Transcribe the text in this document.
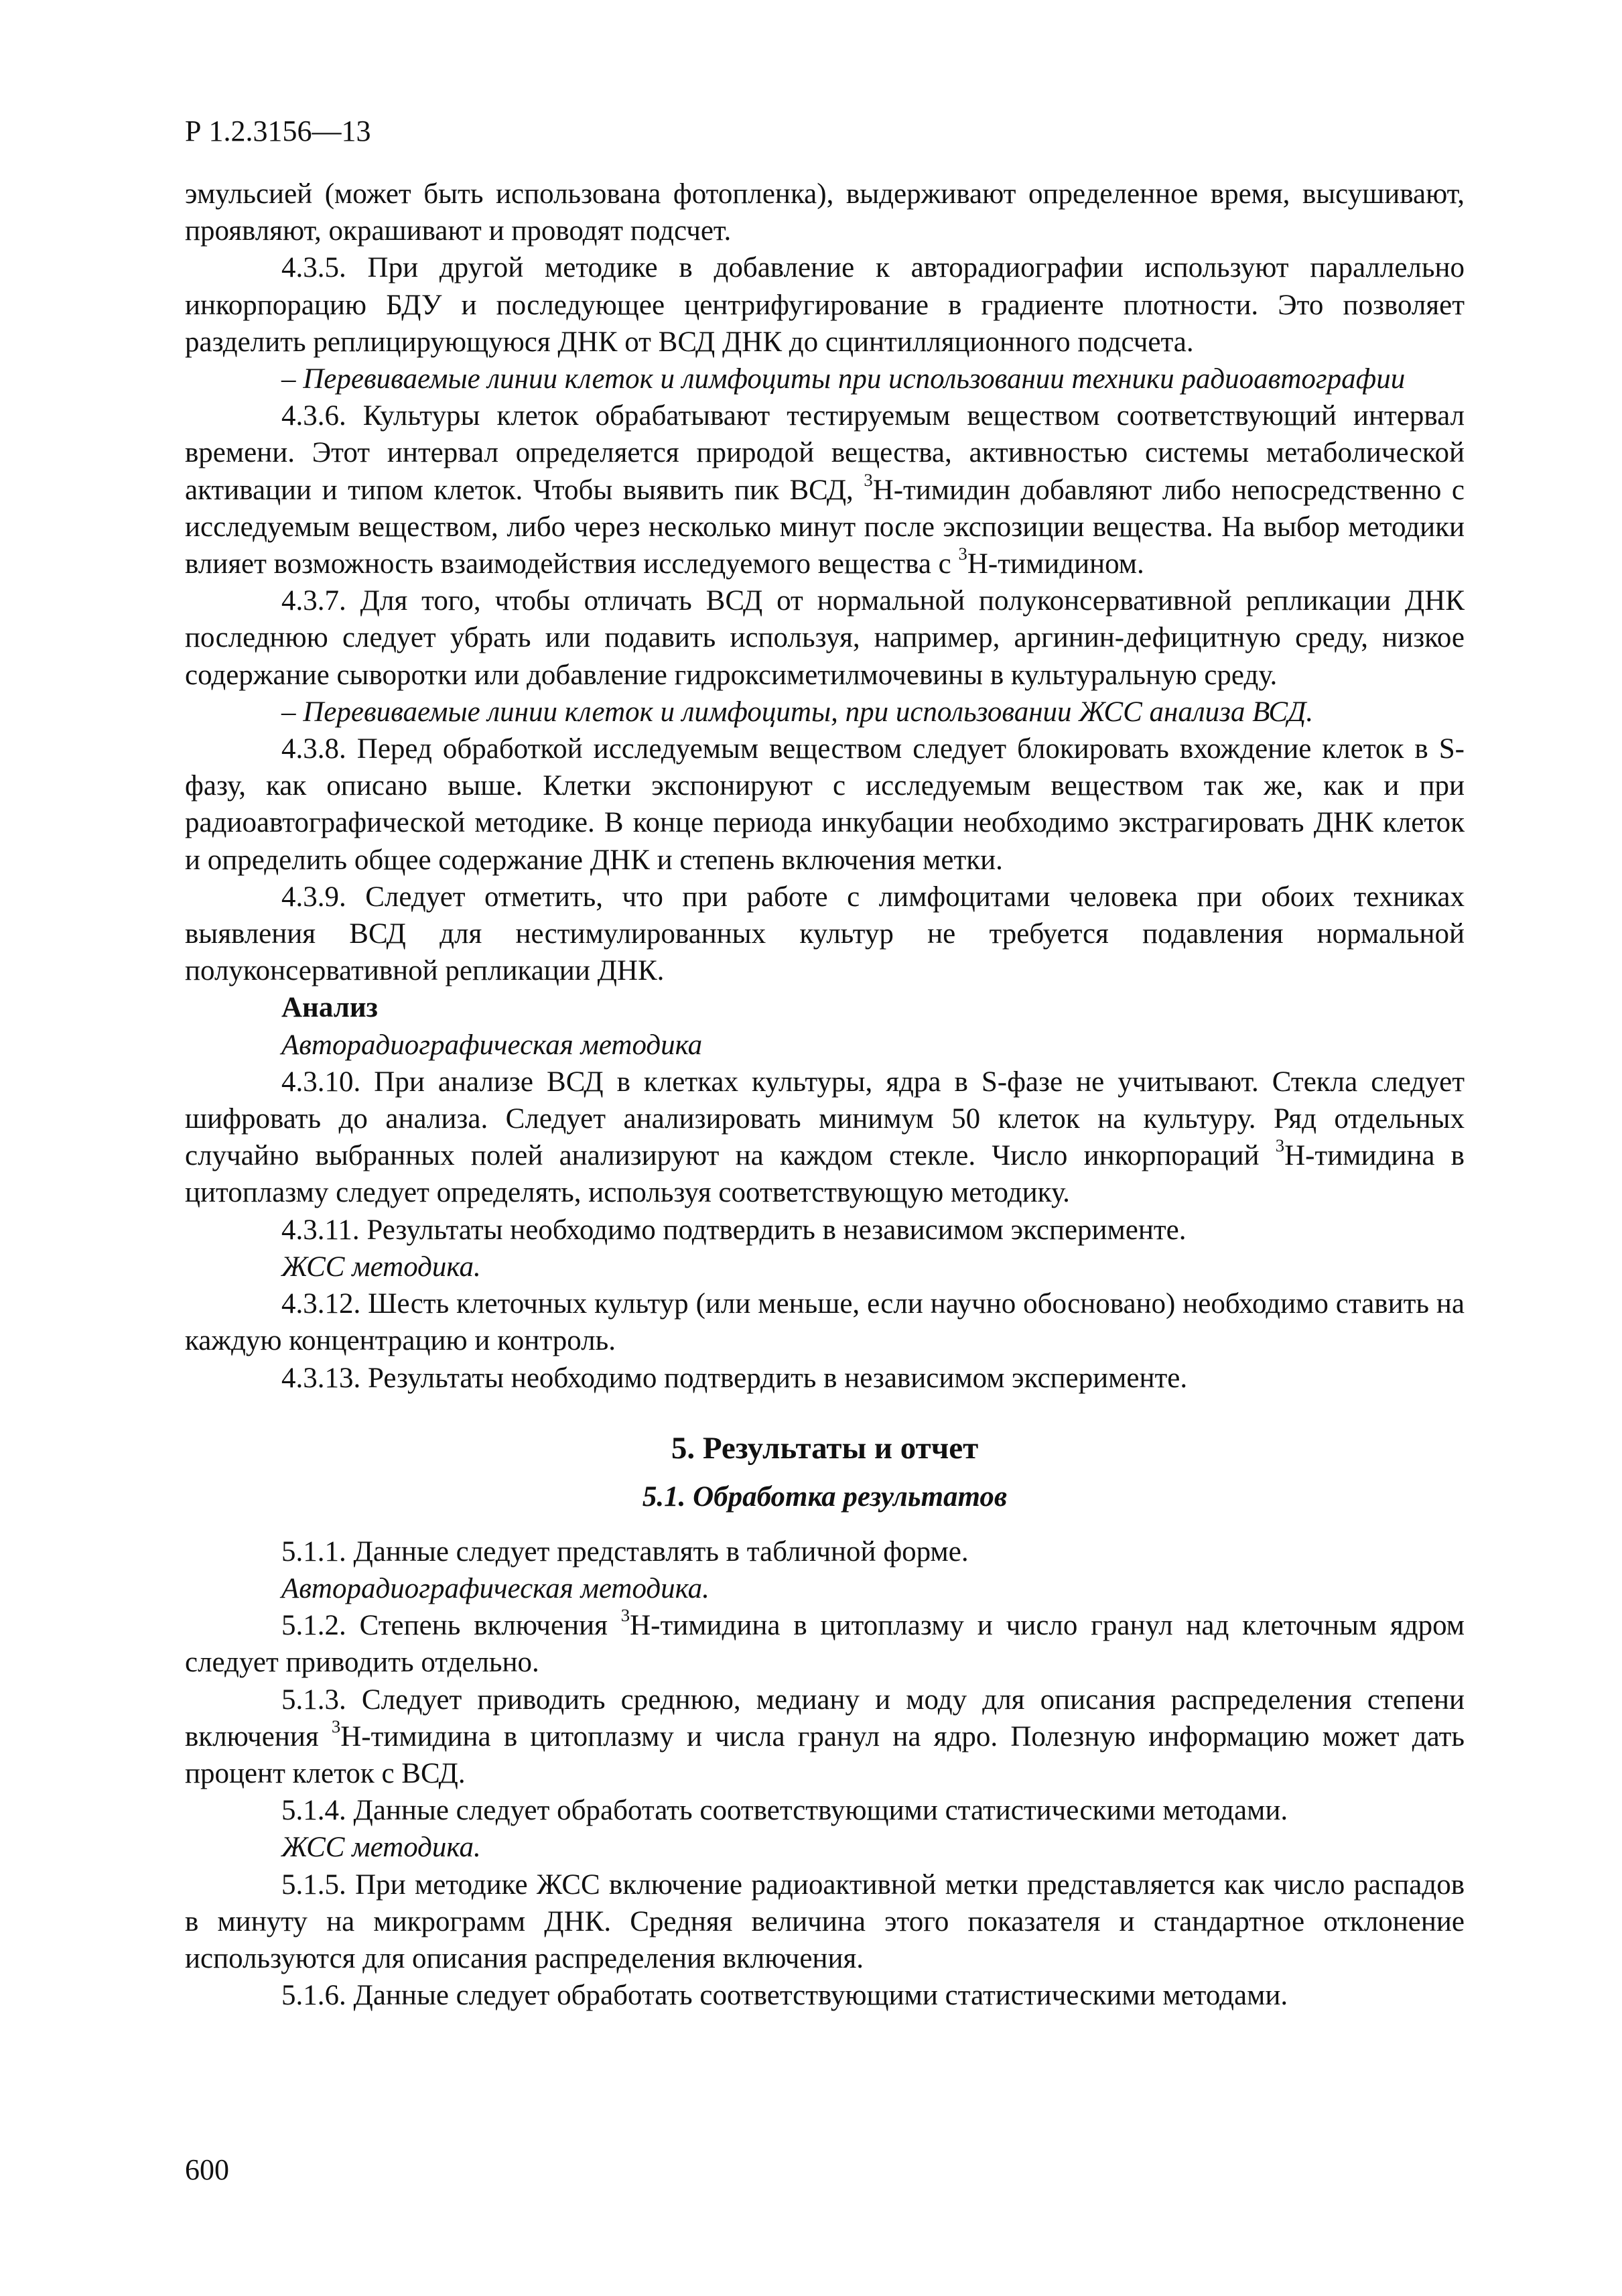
Р 1.2.3156—13

эмульсией (может быть использована фотопленка), выдерживают определенное время, высушивают, проявляют, окрашивают и проводят подсчет.

4.3.5. При другой методике в добавление к авторадиографии используют параллельно инкорпорацию БДУ и последующее центрифугирование в градиенте плотности. Это позволяет разделить реплицирующуюся ДНК от ВСД ДНК до сцинтилляционного подсчета.

– Перевиваемые линии клеток и лимфоциты при использовании техники радиоавтографии

4.3.6. Культуры клеток обрабатывают тестируемым веществом соответствующий интервал времени. Этот интервал определяется природой вещества, активностью системы метаболической активации и типом клеток. Чтобы выявить пик ВСД, $^3$Н-тимидин добавляют либо непосредственно с исследуемым веществом, либо через несколько минут после экспозиции вещества. На выбор методики влияет возможность взаимодействия исследуемого вещества с $^3$Н-тимидином.

4.3.7. Для того, чтобы отличать ВСД от нормальной полуконсервативной репликации ДНК последнюю следует убрать или подавить используя, например, аргинин-дефицитную среду, низкое содержание сыворотки или добавление гидроксиметилмочевины в культуральную среду.

– Перевиваемые линии клеток и лимфоциты, при использовании ЖСС анализа ВСД.

4.3.8. Перед обработкой исследуемым веществом следует блокировать вхождение клеток в S-фазу, как описано выше. Клетки экспонируют с исследуемым веществом так же, как и при радиоавтографической методике. В конце периода инкубации необходимо экстрагировать ДНК клеток и определить общее содержание ДНК и степень включения метки.

4.3.9. Следует отметить, что при работе с лимфоцитами человека при обоих техниках выявления ВСД для нестимулированных культур не требуется подавления нормальной полуконсервативной репликации ДНК.

Анализ

Авторадиографическая методика

4.3.10. При анализе ВСД в клетках культуры, ядра в S-фазе не учитывают. Стекла следует шифровать до анализа. Следует анализировать минимум 50 клеток на культуру. Ряд отдельных случайно выбранных полей анализируют на каждом стекле. Число инкорпораций $^3$Н-тимидина в цитоплазму следует определять, используя соответствующую методику.

4.3.11. Результаты необходимо подтвердить в независимом эксперименте.

ЖСС методика.

4.3.12. Шесть клеточных культур (или меньше, если научно обосновано) необходимо ставить на каждую концентрацию и контроль.

4.3.13. Результаты необходимо подтвердить в независимом эксперименте.

5. Результаты и отчет

5.1. Обработка результатов

5.1.1. Данные следует представлять в табличной форме.

Авторадиографическая методика.

5.1.2. Степень включения $^3$Н-тимидина в цитоплазму и число гранул над клеточным ядром следует приводить отдельно.

5.1.3. Следует приводить среднюю, медиану и моду для описания распределения степени включения $^3$Н-тимидина в цитоплазму и числа гранул на ядро. Полезную информацию может дать процент клеток с ВСД.

5.1.4. Данные следует обработать соответствующими статистическими методами.

ЖСС методика.

5.1.5. При методике ЖСС включение радиоактивной метки представляется как число распадов в минуту на микрограмм ДНК. Средняя величина этого показателя и стандартное отклонение используются для описания распределения включения.

5.1.6. Данные следует обработать соответствующими статистическими методами.

600
